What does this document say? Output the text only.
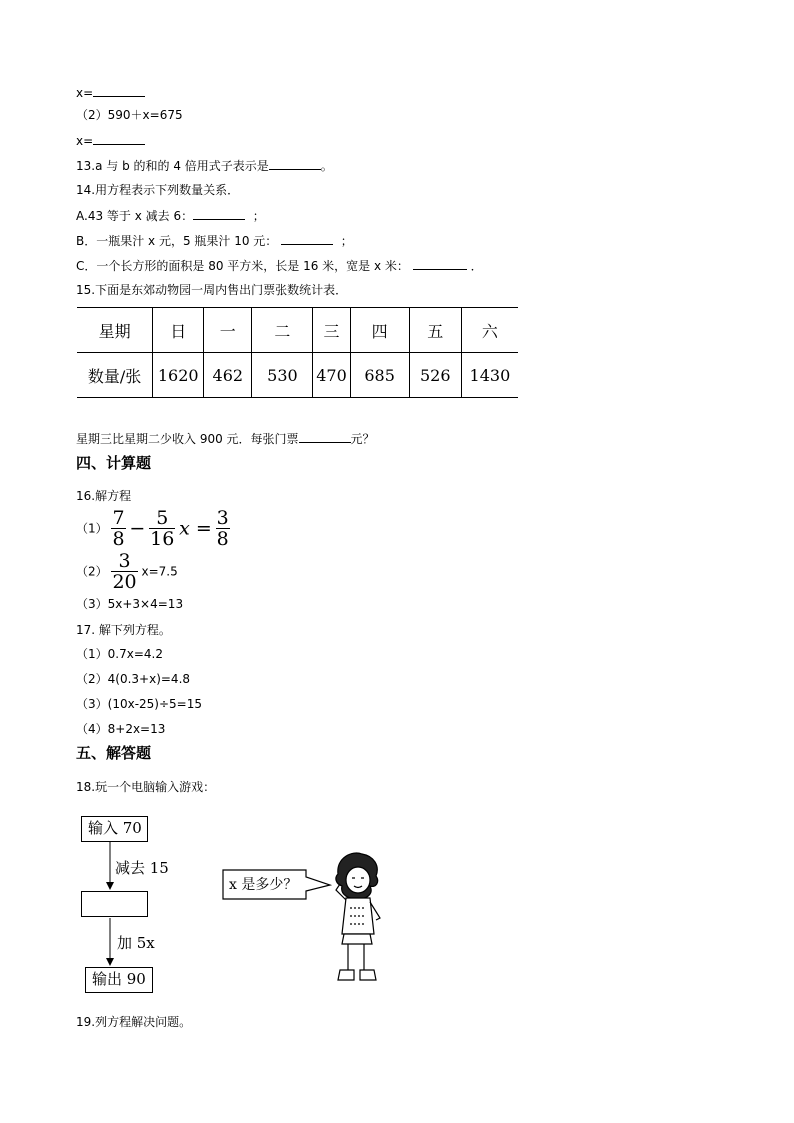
x=
（2）590＋x=675
x=
13.a 与 b 的和的 4 倍用式子表示是	。
14.用方程表示下列数量关系．
A.43 等于 x 减去 6：	；
B．一瓶果汁 x 元，5 瓶果汁 10 元：	；
C．一个长方形的面积是 80 平方米，长是 16 米，宽是 x 米：	．
15.下面是东郊动物园一周内售出门票张数统计表．
星期	日	一	二	三	四	五	六
数量/张	1620	462	530	470	685	526	1430
星期三比星期二少收入 900 元．每张门票	元？
四、计算题
16.解方程
$(1) \frac{7}{8} - \frac{5}{16}$ $x = \frac{3}{8}$
$(2) \frac{3}{20} x=7.5$
（3）5x+3×4=13
17. 解下列方程。
（1）0.7x=4.2
（2）4(0.3+x)=4.8
（3）(10x-25)÷5=15
（4）8+2x=13
五、解答题
18.玩一个电脑输入游戏：
输入 70
减去 15
加 5x
输出 90
x 是多少？
19.列方程解决问题。
